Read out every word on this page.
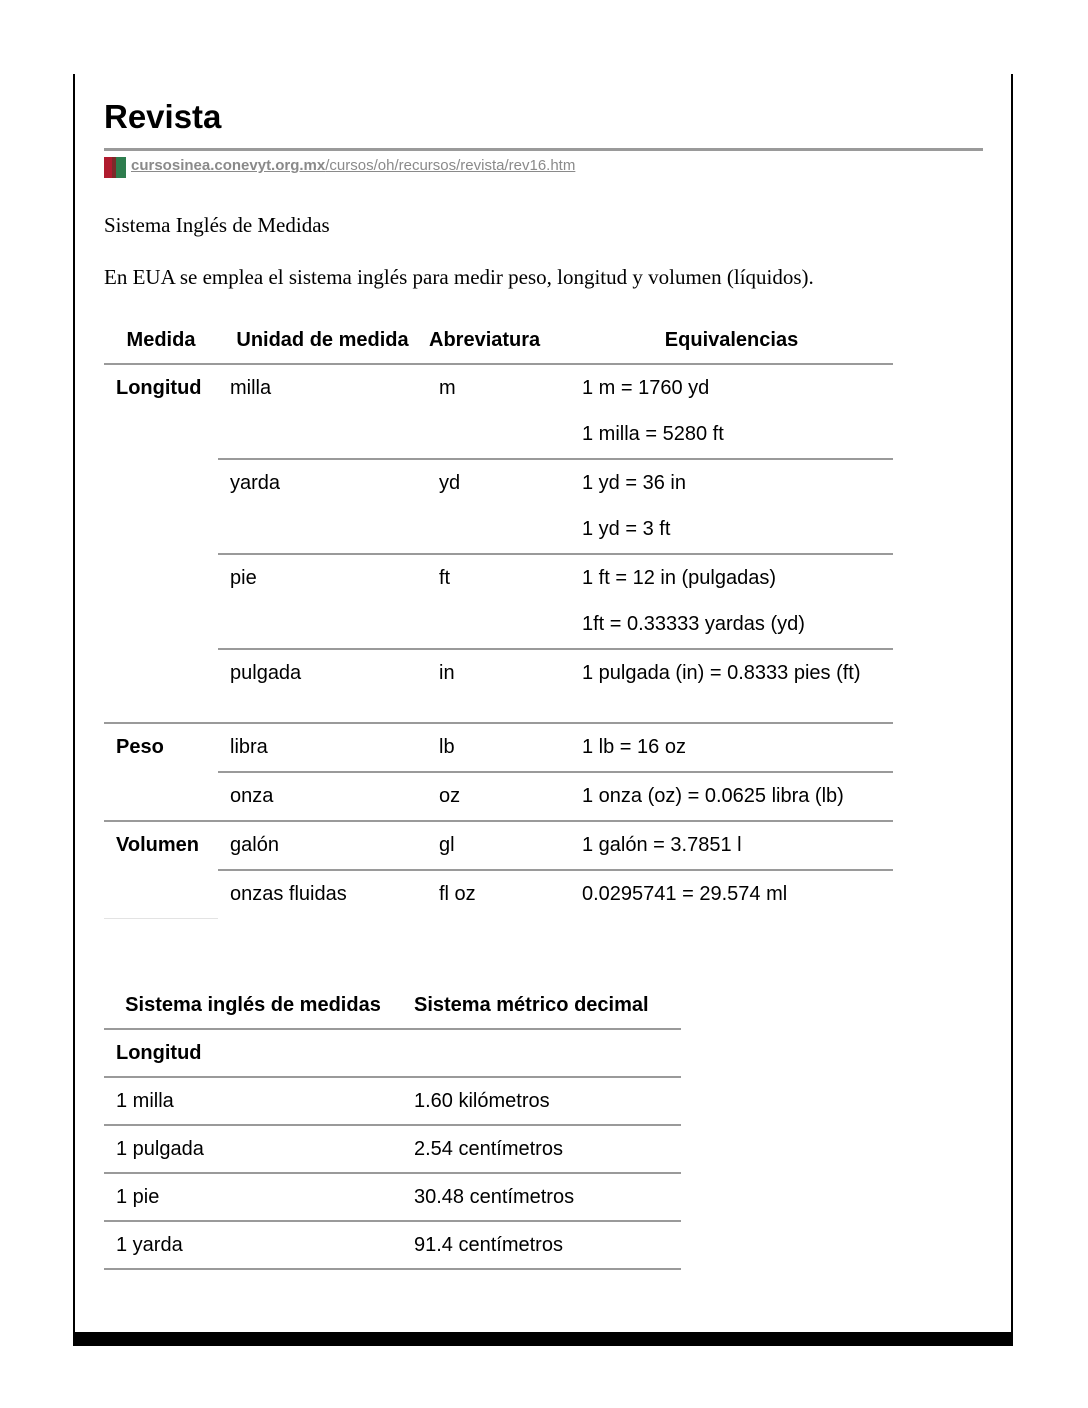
Revista
cursosinea.conevyt.org.mx/cursos/oh/recursos/revista/rev16.htm

Sistema Inglés de Medidas

En EUA se emplea el sistema inglés para medir peso, longitud y volumen (líquidos).

Medida	Unidad de medida	Abreviatura	Equivalencias
Longitud	milla	m	1 m = 1760 yd
			1 milla = 5280 ft
	yarda	yd	1 yd = 36 in
			1 yd = 3 ft
	pie	ft	1 ft = 12 in (pulgadas)
			1ft = 0.33333 yardas (yd)
	pulgada	in	1 pulgada (in) = 0.8333 pies (ft)
Peso	libra	lb	1 lb = 16 oz
	onza	oz	1 onza (oz) = 0.0625 libra (lb)
Volumen	galón	gl	1 galón = 3.7851 l
	onzas fluidas	fl oz	0.0295741 = 29.574 ml
Sistema inglés de medidas	Sistema métrico decimal
Longitud	
1 milla	1.60 kilómetros
1 pulgada	2.54 centímetros
1 pie	30.48 centímetros
1 yarda	91.4 centímetros
